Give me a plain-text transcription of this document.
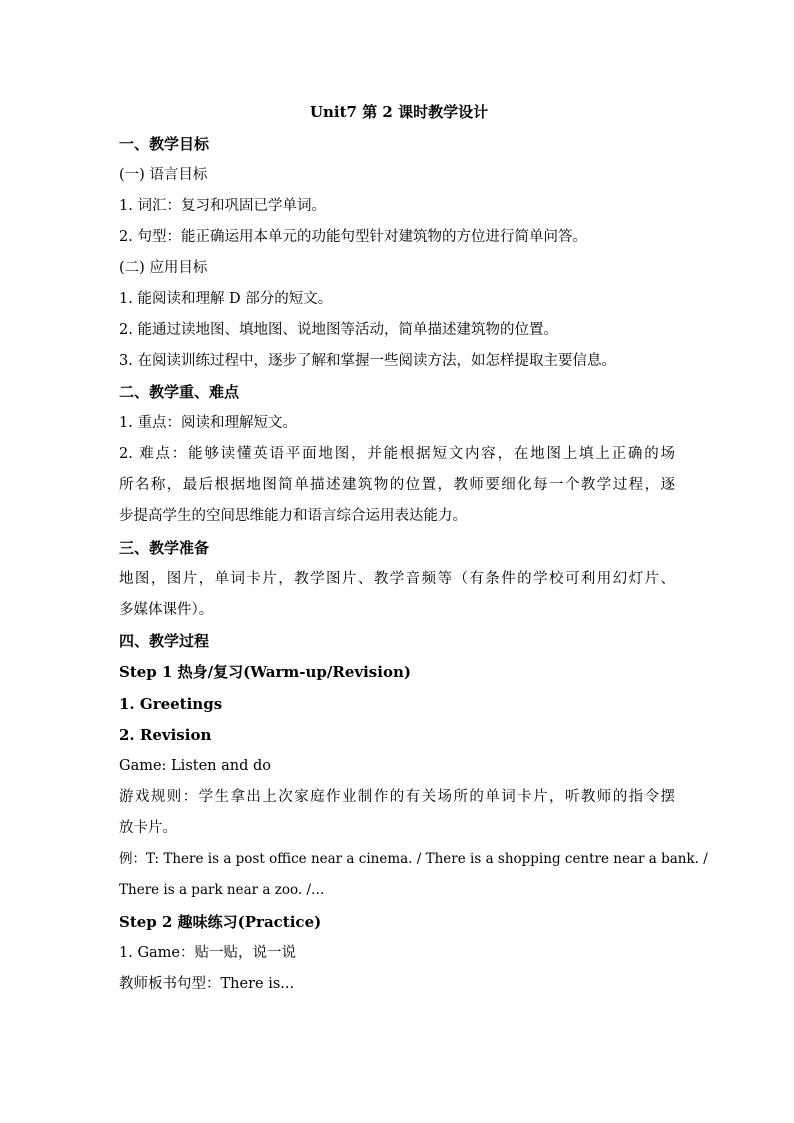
Unit7 第 2 课时教学设计
一、教学目标
(一) 语言目标
1. 词汇：复习和巩固已学单词。
2. 句型：能正确运用本单元的功能句型针对建筑物的方位进行简单问答。
(二) 应用目标
1. 能阅读和理解 D 部分的短文。
2. 能通过读地图、填地图、说地图等活动，简单描述建筑物的位置。
3. 在阅读训练过程中，逐步了解和掌握一些阅读方法，如怎样提取主要信息。
二、教学重、难点
1. 重点：阅读和理解短文。
2. 难点：能够读懂英语平面地图，并能根据短文内容，在地图上填上正确的场
所名称，最后根据地图简单描述建筑物的位置，教师要细化每一个教学过程，逐
步提高学生的空间思维能力和语言综合运用表达能力。
三、教学准备
地图，图片，单词卡片，教学图片、教学音频等（有条件的学校可利用幻灯片、
多媒体课件）。
四、教学过程
Step 1 热身/复习(Warm-up/Revision)
1. Greetings
2. Revision
Game: Listen and do
游戏规则：学生拿出上次家庭作业制作的有关场所的单词卡片，听教师的指令摆
放卡片。
例：T: There is a post office near a cinema. / There is a shopping centre near a bank. /
There is a park near a zoo. /…
Step 2 趣味练习(Practice)
1. Game：贴一贴，说一说
教师板书句型：There is...
